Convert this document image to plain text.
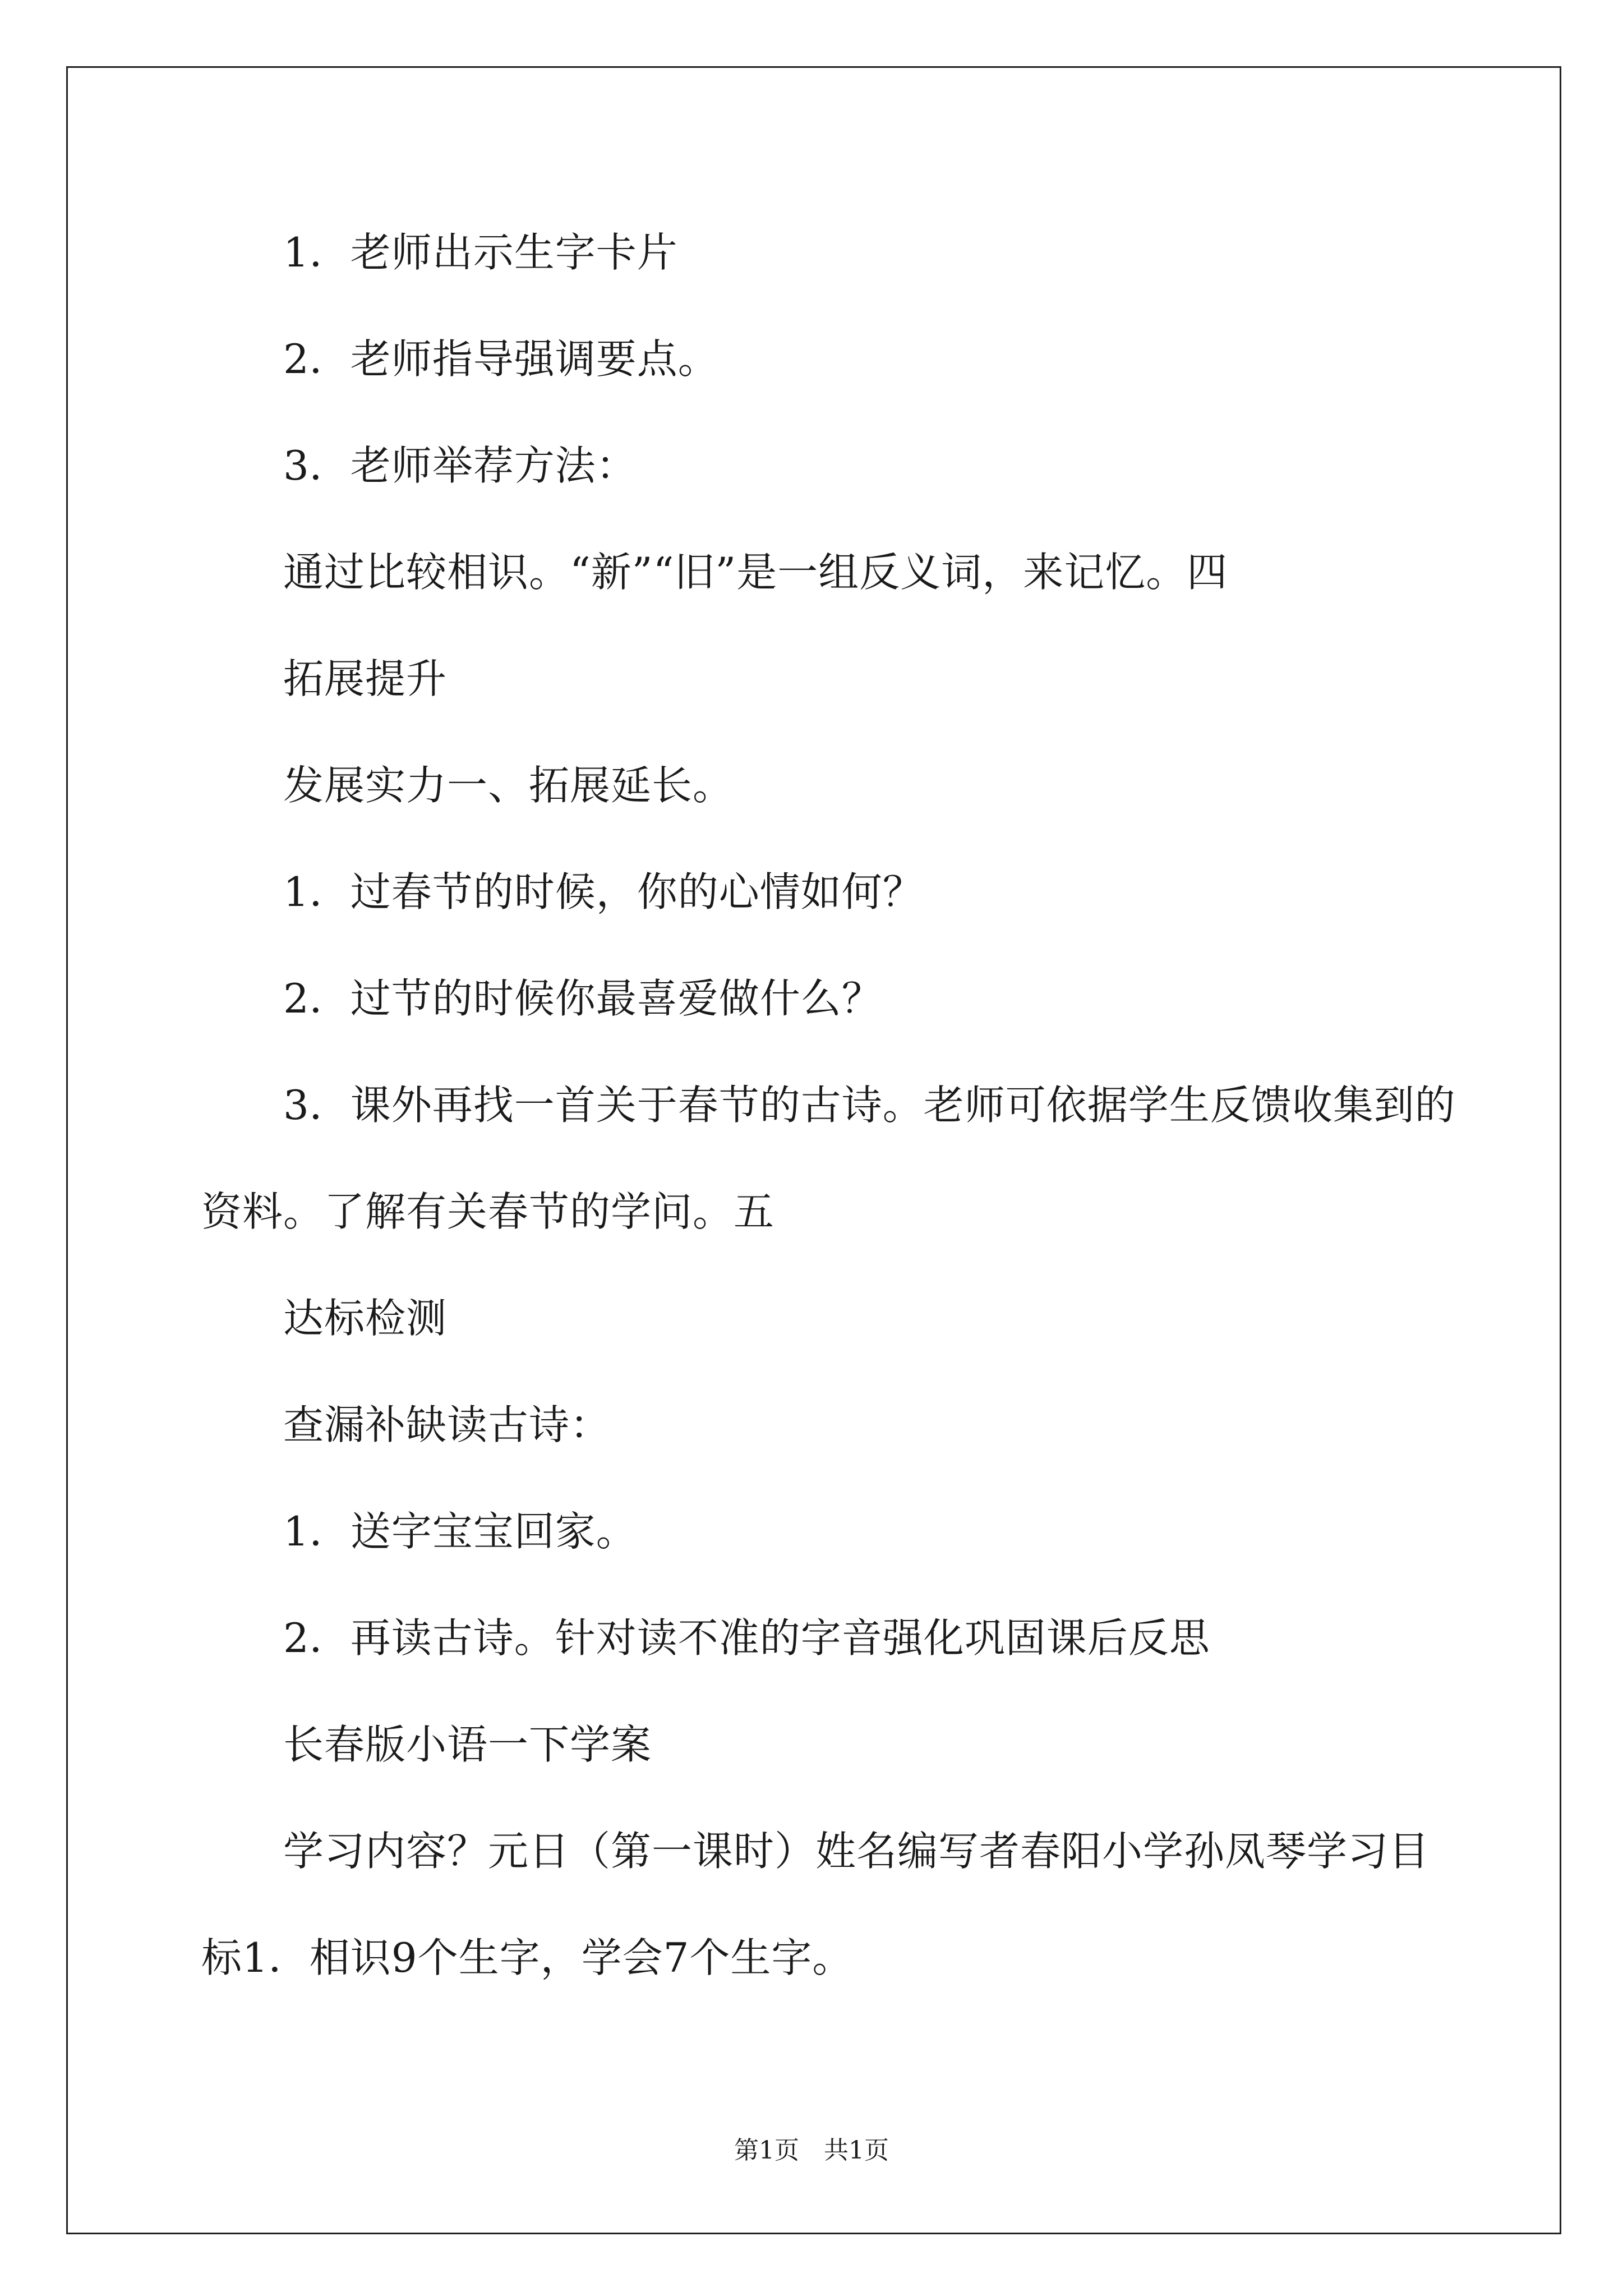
1．老师出示生字卡片
2．老师指导强调要点。
3．老师举荐方法：
通过比较相识。“新”“旧”是一组反义词，来记忆。四
拓展提升
发展实力一、拓展延长。
1．过春节的时候，你的心情如何？
2．过节的时候你最喜爱做什么？
3．课外再找一首关于春节的古诗。老师可依据学生反馈收集到的
资料。了解有关春节的学问。五
达标检测
查漏补缺读古诗：
1．送字宝宝回家。
2．再读古诗。针对读不准的字音强化巩固课后反思
长春版小语一下学案
学习内容？元日（第一课时）姓名编写者春阳小学孙凤琴学习目
标1．相识9个生字，学会7个生字。
第1页　共1页
